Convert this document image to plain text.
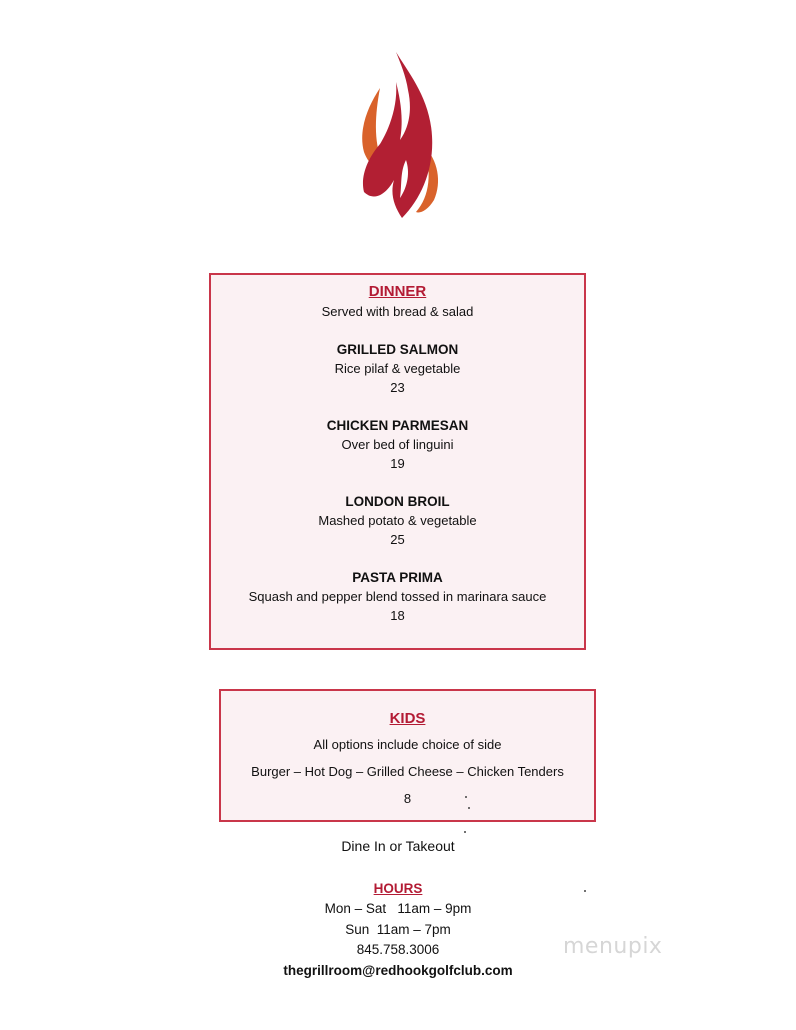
DINNER
Served with bread & salad
GRILLED SALMON
Rice pilaf & vegetable
23
CHICKEN PARMESAN
Over bed of linguini
19
LONDON BROIL
Mashed potato & vegetable
25
PASTA PRIMA
Squash and pepper blend tossed in marinara sauce
18
KIDS
All options include choice of side
Burger – Hot Dog – Grilled Cheese – Chicken Tenders
8
Dine In or Takeout
HOURS
Mon – Sat   11am – 9pm
Sun  11am – 7pm
845.758.3006
thegrillroom@redhookgolfclub.com
menupix
